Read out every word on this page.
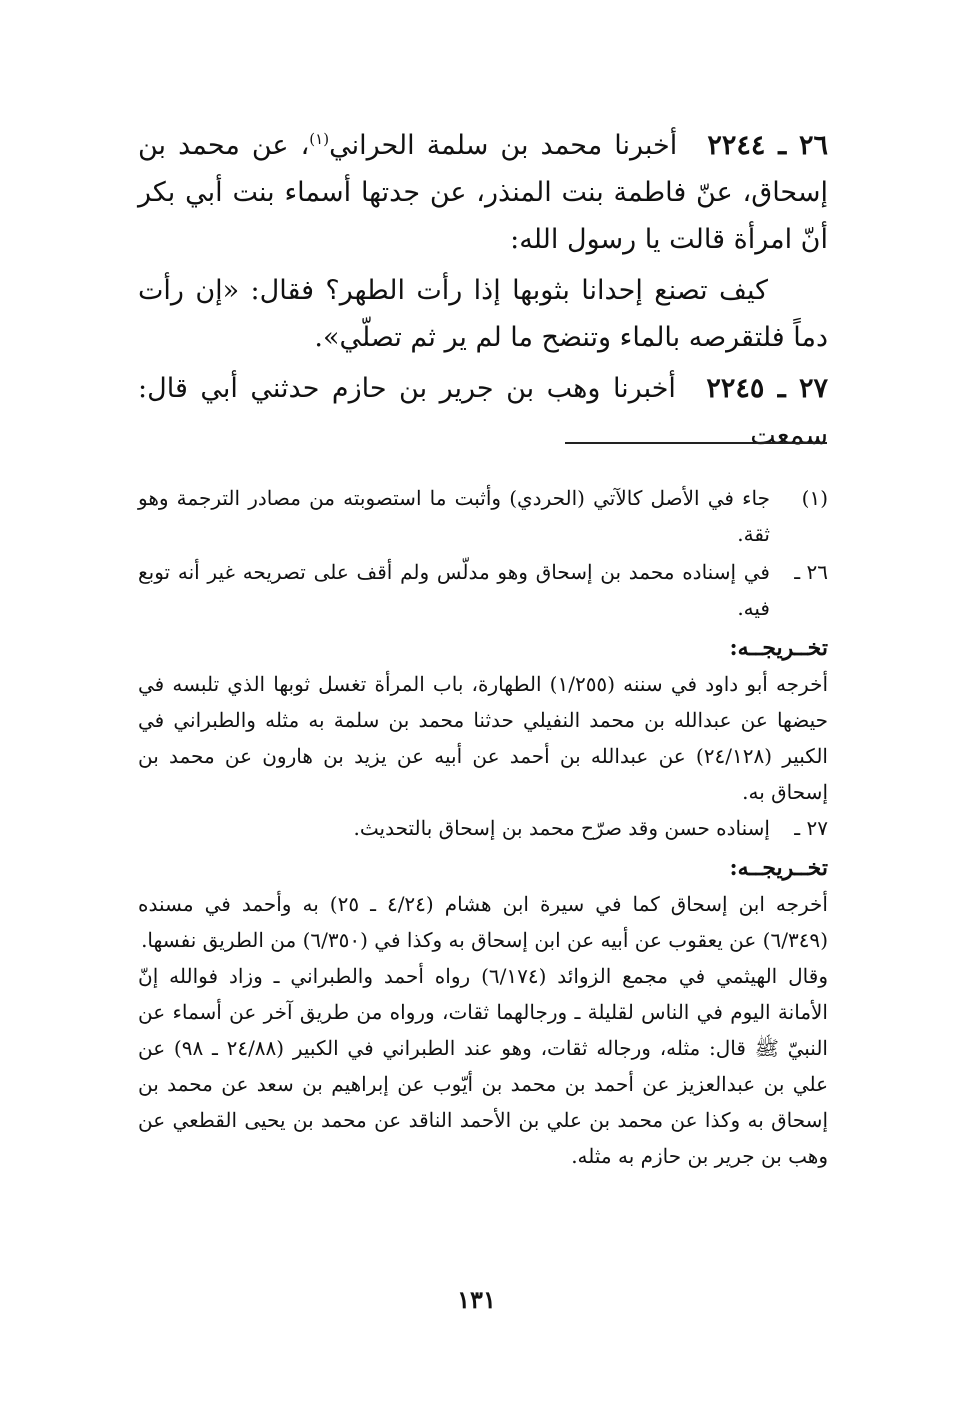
٢٦ ـ ٢٢٤٤ أخبرنا محمد بن سلمة الحراني$^{(١)}$، عن محمد بن إسحاق، عنّ فاطمة بنت المنذر، عن جدتها أسماء بنت أبي بكر أنّ امرأة قالت يا رسول الله:

كيف تصنع إحدانا بثوبها إذا رأت الطهر؟ فقال: «إن رأت دماً فلتقرصه بالماء وتنضح ما لم ير ثم تصلّي».

٢٧ ـ ٢٢٤٥ أخبرنا وهب بن جرير بن حازم حدثني أبي قال: سمعت

(١)
جاء في الأصل كالآتي (الحردي) وأثبت ما استصوبته من مصادر الترجمة وهو ثقة.
٢٦ ـ
في إسناده محمد بن إسحاق وهو مدلّس ولم أقف على تصريحه غير أنه توبع فيه.

تخــريجــه:

أخرجه أبو داود في سننه (١/٢٥٥) الطهارة، باب المرأة تغسل ثوبها الذي تلبسه في حيضها عن عبدالله بن محمد النفيلي حدثنا محمد بن سلمة به مثله والطبراني في الكبير (٢٤/١٢٨) عن عبدالله بن أحمد عن أبيه عن يزيد بن هارون عن محمد بن إسحاق به.

٢٧ ـ
إسناده حسن وقد صرّح محمد بن إسحاق بالتحديث.

تخــريجــه:

أخرجه ابن إسحاق كما في سيرة ابن هشام (٤/٢٤ ـ ٢٥) به وأحمد في مسنده (٦/٣٤٩) عن يعقوب عن أبيه عن ابن إسحاق به وكذا في (٦/٣٥٠) من الطريق نفسها.

وقال الهيثمي في مجمع الزوائد (٦/١٧٤) رواه أحمد والطبراني ـ وزاد فوالله إنّ الأمانة اليوم في الناس لقليلة ـ ورجالهما ثقات، ورواه من طريق آخر عن أسماء عن النبيّ ﷺ قال: مثله، ورجاله ثقات، وهو عند الطبراني في الكبير (٢٤/٨٨ ـ ٩٨) عن علي بن عبدالعزيز عن أحمد بن محمد بن أيّوب عن إبراهيم بن سعد عن محمد بن إسحاق به وكذا عن محمد بن علي بن الأحمد الناقد عن محمد بن يحيى القطعي عن وهب بن جرير بن حازم به مثله.

١٣١
